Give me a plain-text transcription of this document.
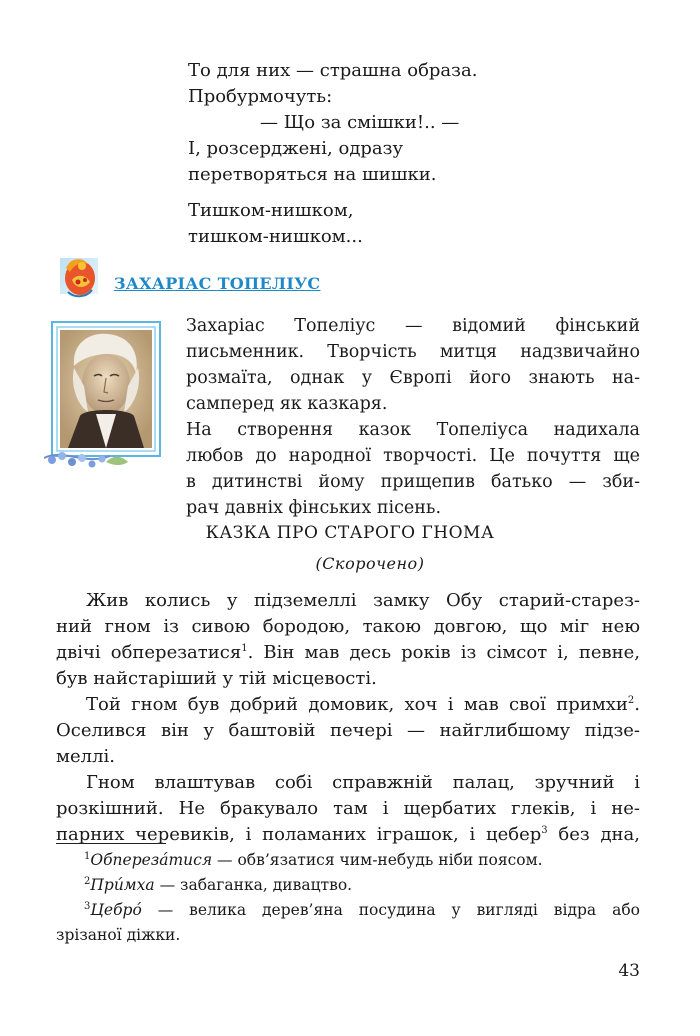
То для них — страшна образа.
Пробурмочуть:
— Що за смішки!.. —
І, розсерджені, одразу
перетворяться на шишки.
Тишком-нишком,
тишком-нишком...
ЗАХАРІАС ТОПЕЛІУС
Захаріас Топеліус — відомий фінський
письменник. Творчість митця надзвичайно
розмаїта, однак у Європі його знають на-
самперед як казкаря.
На створення казок Топеліуса надихала
любов до народної творчості. Це почуття ще
в дитинстві йому прищепив батько — зби-
рач давніх фінських пісень.
КАЗКА ПРО СТАРОГО ГНОМА
(Скорочено)
Жив колись у підземеллі замку Обу старий-старез-
ний гном із сивою бородою, такою довгою, що міг нею
двічі обперезатися$^1$. Він мав десь років із сімсот і, певне,
був найстаріший у тій місцевості.
Той гном був добрий домовик, хоч і мав свої примхи$^2$.
Оселився він у баштовій печері — найглибшому підзе-
меллі.
Гном влаштував собі справжній палац, зручний і
розкішний. Не бракувало там і щербатих глеків, і не-
парних черевиків, і поламаних іграшок, і цебер$^3$ без дна,
$^1$Обпереза́тися — обв’язатися чим-небудь ніби поясом.
$^2$При́мха — забаганка, дивацтво.
$^3$Цебро́ — велика дерев’яна посудина у вигляді відра або
зрізаної діжки.
43
